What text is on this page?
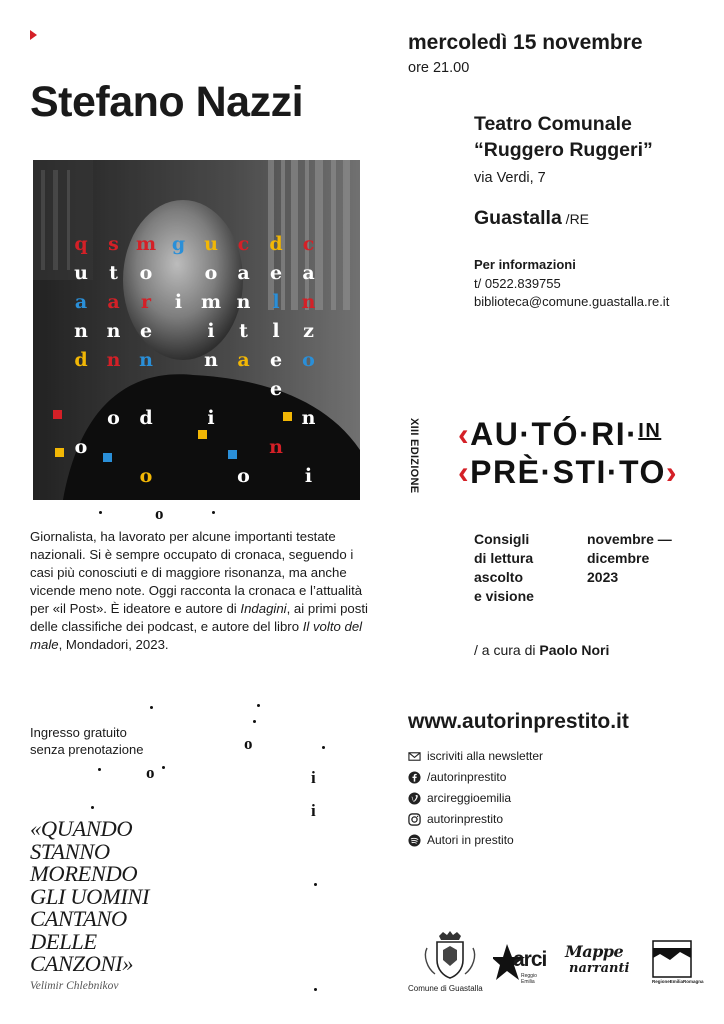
Stefano Nazzi
q s m g u c d c
u t o	o a e a
a a r i m n l n
n n e	i t l z
d n n	n a e o
e
o d	i	n
o	n
o	o	i
Giornalista, ha lavorato per alcune importanti testate nazionali. Si è sempre occupato di cronaca, seguendo i casi più conosciuti e di maggiore risonanza, ma anche vicende meno note. Oggi racconta la cronaca e l’attualità per «il Post». È ideatore e autore di Indagini, ai primi posti delle classifiche dei podcast, e autore del libro Il volto del male, Mondadori, 2023.
Ingresso gratuito
senza prenotazione
o
o
o	i
i
«QUANDO
STANNO
MORENDO
GLI UOMINI
CANTANO
DELLE
CANZONI»
Velimir Chlebnikov
mercoledì 15 novembre
ore 21.00
Teatro Comunale
“Ruggero Ruggeri”
via Verdi, 7
Guastalla /RE
Per informazioni
t/ 0522.839755
biblioteca@comune.guastalla.re.it
XIII EDIZIONE ‹AU·TÓ·RI·$^{IN}$
‹PRÈ·STI·TO›
Consigli
di lettura
ascolto
e visione
novembre —
dicembre
2023
/ a cura di Paolo Nori
www.autorinprestito.it
iscriviti alla newsletter
/autorinprestito
arcireggioemilia
autorinprestito
Autori in prestito
Comune di Guastalla
arci
Reggio Emilia
Mappe
narranti
RegioneEmiliaRomagna
